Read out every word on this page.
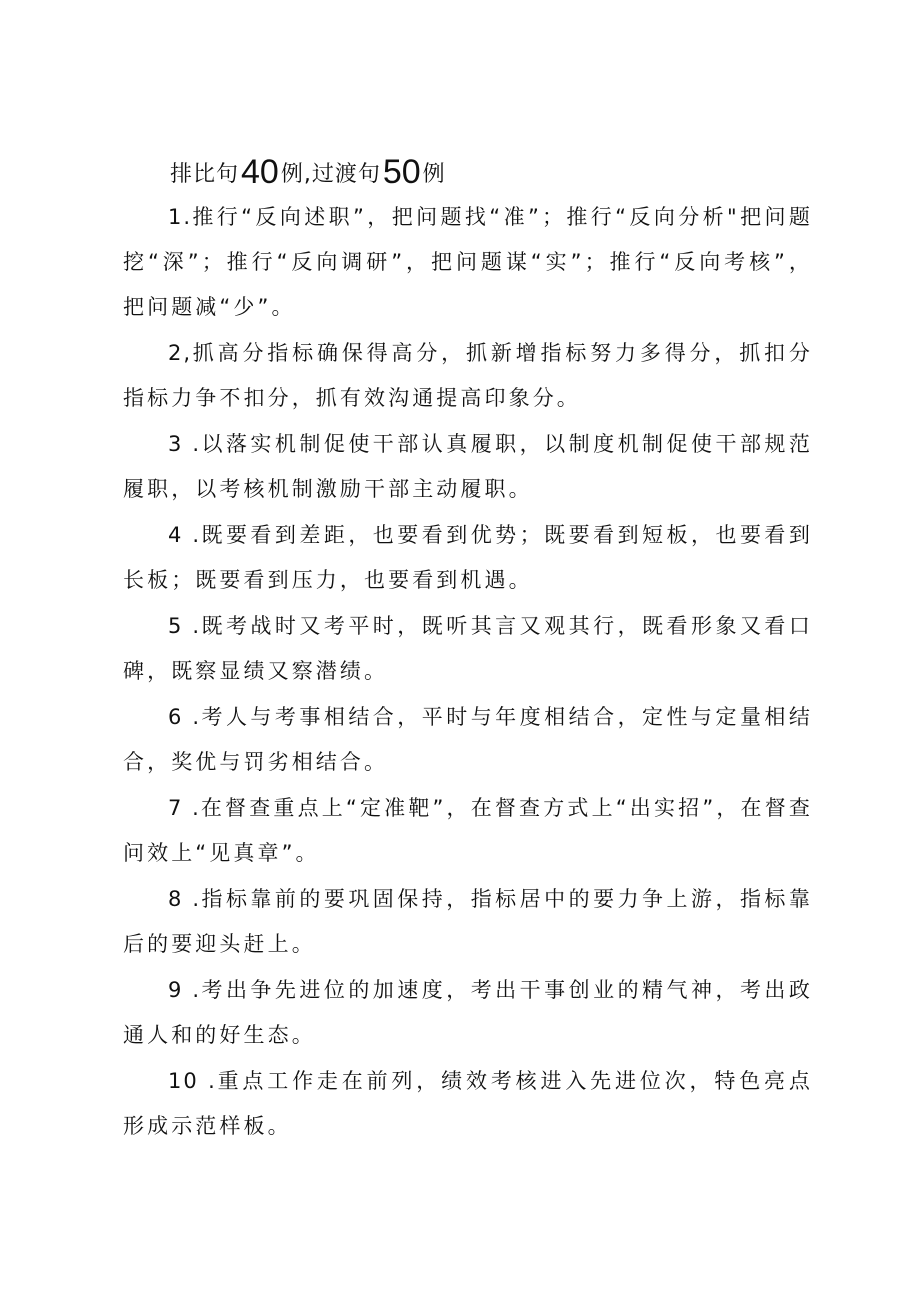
排比句 40 例,过渡句 50 例

1.推行“反向述职”，把问题找“准”；推行“反向分析"把问题挖“深”；推行“反向调研”，把问题谋“实”；推行“反向考核”，把问题减“少”。

2,抓高分指标确保得高分，抓新增指标努力多得分，抓扣分指标力争不扣分，抓有效沟通提高印象分。

3 .以落实机制促使干部认真履职，以制度机制促使干部规范履职，以考核机制激励干部主动履职。

4 .既要看到差距，也要看到优势；既要看到短板，也要看到长板；既要看到压力，也要看到机遇。

5 .既考战时又考平时，既听其言又观其行，既看形象又看口碑，既察显绩又察潜绩。

6 .考人与考事相结合，平时与年度相结合，定性与定量相结合，奖优与罚劣相结合。

7 .在督查重点上“定准靶”，在督查方式上“出实招”，在督查问效上“见真章”。

8 .指标靠前的要巩固保持，指标居中的要力争上游，指标靠后的要迎头赶上。

9 .考出争先进位的加速度，考出干事创业的精气神，考出政通人和的好生态。

10 .重点工作走在前列，绩效考核进入先进位次，特色亮点形成示范样板。
